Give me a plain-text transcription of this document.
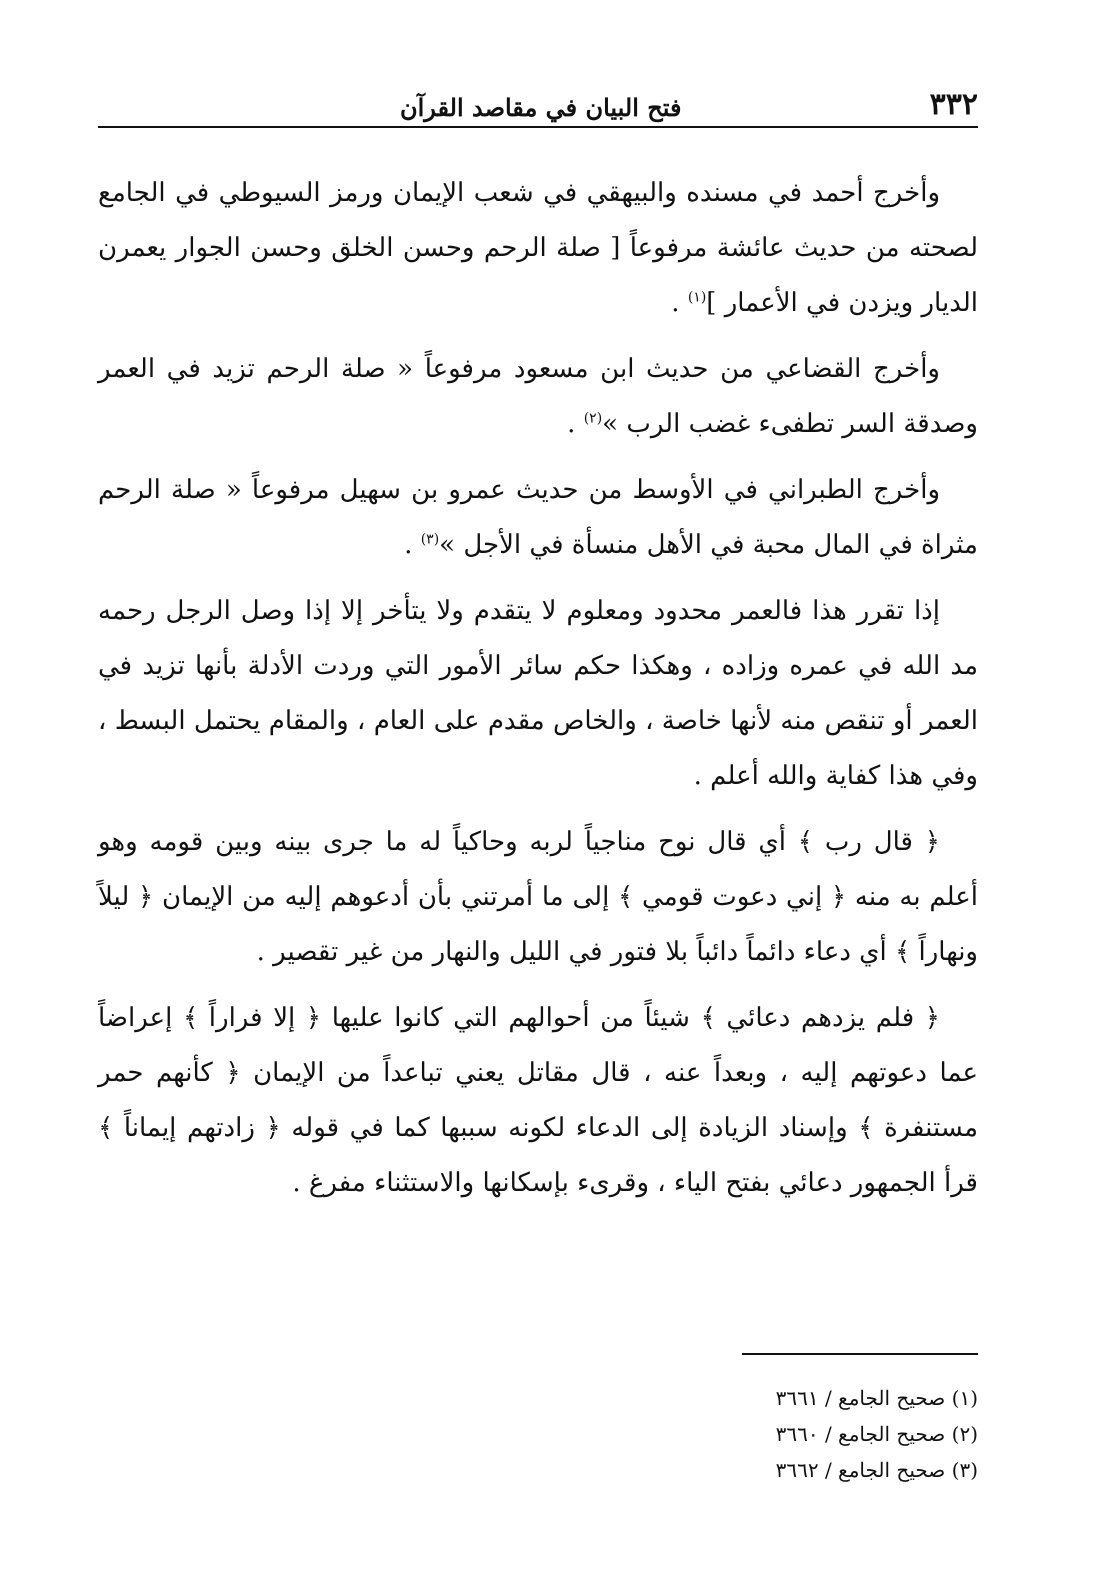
٣٣٢
فتح البيان في مقاصد القرآن

وأخرج أحمد في مسنده والبيهقي في شعب الإيمان ورمز السيوطي في الجامع لصحته من حديث عائشة مرفوعاً [ صلة الرحم وحسن الخلق وحسن الجوار يعمرن الديار ويزدن في الأعمار ]$^{(١)}$ .

وأخرج القضاعي من حديث ابن مسعود مرفوعاً « صلة الرحم تزيد في العمر وصدقة السر تطفىء غضب الرب »$^{(٢)}$ .

وأخرج الطبراني في الأوسط من حديث عمرو بن سهيل مرفوعاً « صلة الرحم مثراة في المال محبة في الأهل منسأة في الأجل »$^{(٣)}$ .

إذا تقرر هذا فالعمر محدود ومعلوم لا يتقدم ولا يتأخر إلا إذا وصل الرجل رحمه مد الله في عمره وزاده ، وهكذا حكم سائر الأمور التي وردت الأدلة بأنها تزيد في العمر أو تنقص منه لأنها خاصة ، والخاص مقدم على العام ، والمقام يحتمل البسط ، وفي هذا كفاية والله أعلم .

﴿ قال رب ﴾ أي قال نوح مناجياً لربه وحاكياً له ما جرى بينه وبين قومه وهو أعلم به منه ﴿ إني دعوت قومي ﴾ إلى ما أمرتني بأن أدعوهم إليه من الإيمان ﴿ ليلاً ونهاراً ﴾ أي دعاء دائماً دائباً بلا فتور في الليل والنهار من غير تقصير .

﴿ فلم يزدهم دعائي ﴾ شيئاً من أحوالهم التي كانوا عليها ﴿ إلا فراراً ﴾ إعراضاً عما دعوتهم إليه ، وبعداً عنه ، قال مقاتل يعني تباعداً من الإيمان ﴿ كأنهم حمر مستنفرة ﴾ وإسناد الزيادة إلى الدعاء لكونه سببها كما في قوله ﴿ زادتهم إيماناً ﴾ قرأ الجمهور دعائي بفتح الياء ، وقرىء بإسكانها والاستثناء مفرغ .

(١) صحيح الجامع / ٣٦٦١

(٢) صحيح الجامع / ٣٦٦٠

(٣) صحيح الجامع / ٣٦٦٢
